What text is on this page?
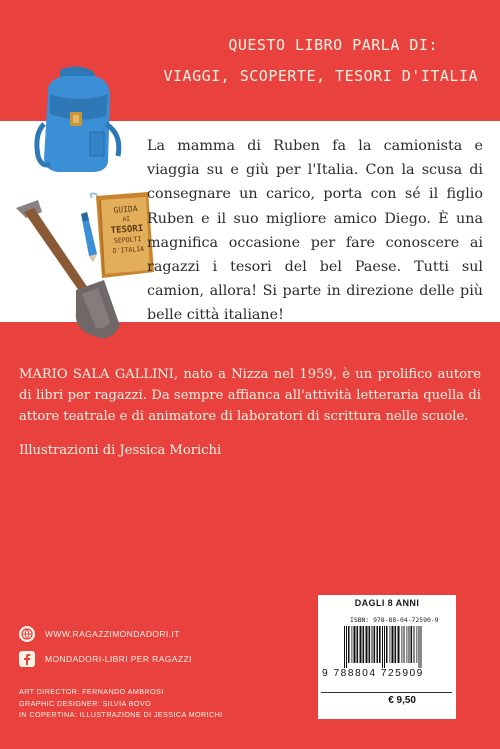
QUESTO LIBRO PARLA DI:
VIAGGI, SCOPERTE, TESORI D'ITALIA
GUIDA
AI
TESORI
SEPOLTI
D'ITALIA

La mamma di Ruben fa la camionista e viaggia su e giù per l'Italia. Con la scusa di consegnare un carico, porta con sé il figlio Ruben e il suo migliore amico Diego. È una magnifica occasione per fare conoscere ai ragazzi i tesori del bel Paese. Tutti sul camion, allora! Si parte in direzione delle più belle città italiane!

MARIO SALA GALLINI, nato a Nizza nel 1959, è un prolifico autore di libri per ragazzi. Da sempre affianca all'attività letteraria quella di attore teatrale e di animatore di laboratori di scrittura nelle scuole.

Illustrazioni di Jessica Morichi

WWW.RAGAZZIMONDADORI.IT
MONDADORI-LIBRI PER RAGAZZI
ART DIRECTOR: FERNANDO AMBROSI
GRAPHIC DESIGNER: SILVIA BOVO
IN COPERTINA: ILLUSTRAZIONE DI JESSICA MORICHI
DAGLI 8 ANNI
ISBN: 978-88-04-72590-9
9 788804 725909
€ 9,50
